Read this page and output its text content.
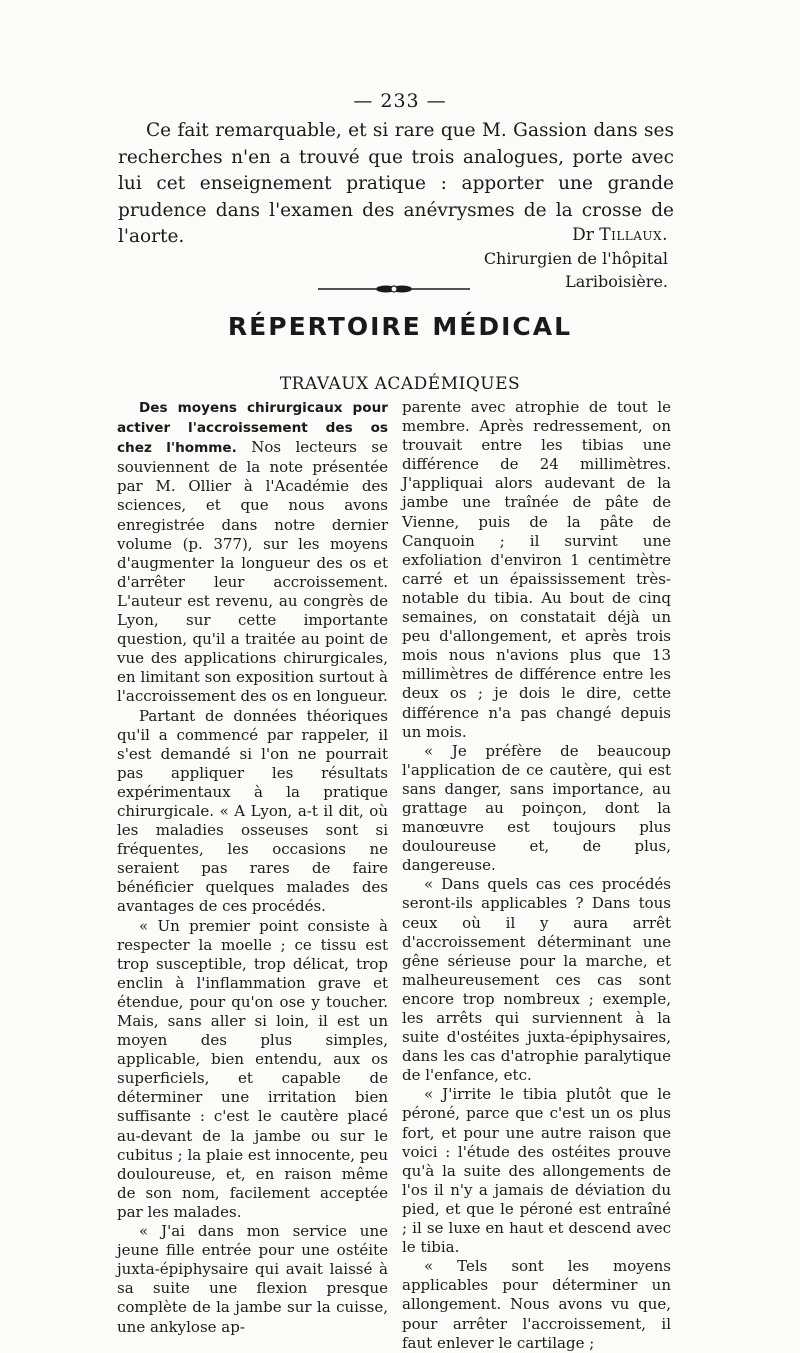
— 233 —

Ce fait remarquable, et si rare que M. Gassion dans ses recherches n'en a trouvé que trois analogues, porte avec lui cet enseignement pratique : apporter une grande prudence dans l'examen des anévrysmes de la crosse de l'aorte.	Dr Tillaux.
Chirurgien de l'hôpital Lariboisière.
RÉPERTOIRE MÉDICAL
TRAVAUX ACADÉMIQUES

Des moyens chirurgicaux pour activer l'accroissement des os chez l'homme. Nos lecteurs se souviennent de la note présentée par M. Ollier à l'Académie des sciences, et que nous avons enregistrée dans notre dernier volume (p. 377), sur les moyens d'augmenter la longueur des os et d'arrêter leur accroissement. L'auteur est revenu, au congrès de Lyon, sur cette importante question, qu'il a traitée au point de vue des applications chirurgicales, en limitant son exposition surtout à l'accroissement des os en longueur.

Partant de données théoriques qu'il a commencé par rappeler, il s'est demandé si l'on ne pourrait pas appliquer les résultats expérimentaux à la pratique chirurgicale. « A Lyon, a-t il dit, où les maladies osseuses sont si fréquentes, les occasions ne seraient pas rares de faire bénéficier quelques malades des avantages de ces procédés.

« Un premier point consiste à respecter la moelle ; ce tissu est trop susceptible, trop délicat, trop enclin à l'inflammation grave et étendue, pour qu'on ose y toucher. Mais, sans aller si loin, il est un moyen des plus simples, applicable, bien entendu, aux os superficiels, et capable de déterminer une irritation bien suffisante : c'est le cautère placé au-devant de la jambe ou sur le cubitus ; la plaie est innocente, peu douloureuse, et, en raison même de son nom, facilement acceptée par les malades.

« J'ai dans mon service une jeune fille entrée pour une ostéite juxta-épiphysaire qui avait laissé à sa suite une flexion presque complète de la jambe sur la cuisse, une ankylose ap-

parente avec atrophie de tout le membre. Après redressement, on trouvait entre les tibias une différence de 24 millimètres. J'appliquai alors audevant de la jambe une traînée de pâte de Vienne, puis de la pâte de Canquoin ; il survint une exfoliation d'environ 1 centimètre carré et un épaississement très-notable du tibia. Au bout de cinq semaines, on constatait déjà un peu d'allongement, et après trois mois nous n'avions plus que 13 millimètres de différence entre les deux os ; je dois le dire, cette différence n'a pas changé depuis un mois.

« Je préfère de beaucoup l'application de ce cautère, qui est sans danger, sans importance, au grattage au poinçon, dont la manœuvre est toujours plus douloureuse et, de plus, dangereuse.

« Dans quels cas ces procédés seront-ils applicables ? Dans tous ceux où il y aura arrêt d'accroissement déterminant une gêne sérieuse pour la marche, et malheureusement ces cas sont encore trop nombreux ; exemple, les arrêts qui surviennent à la suite d'ostéites juxta-épiphysaires, dans les cas d'atrophie paralytique de l'enfance, etc.

« J'irrite le tibia plutôt que le péroné, parce que c'est un os plus fort, et pour une autre raison que voici : l'étude des ostéites prouve qu'à la suite des allongements de l'os il n'y a jamais de déviation du pied, et que le péroné est entraîné ; il se luxe en haut et descend avec le tibia.

« Tels sont les moyens applicables pour déterminer un allongement. Nous avons vu que, pour arrêter l'accroissement, il faut enlever le cartilage ;
